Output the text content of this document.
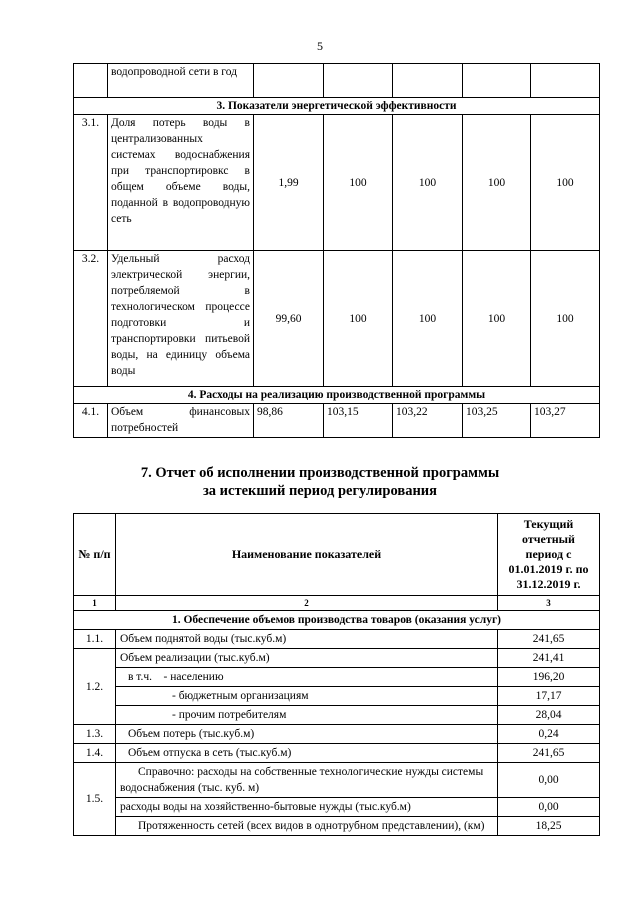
5
	водопроводной сети в год					
3. Показатели энергетической эффективности						
3.1.	Доля потерь воды в централизованных системах водоснабжения при транспортировкс в общем объеме воды, поданной в водопроводную сеть	1,99	100	100	100	100
3.2.	Удельный расход электрической энергии, потребляемой в технологическом процессе подготовки и транспортировки питьевой воды, на единицу объема воды	99,60	100	100	100	100
4. Расходы на реализацию производственной программы						
4.1.	Объем финансовых потребностей	98,86	103,15	103,22	103,25	103,27
7. Отчет об исполнении производственной программы
за истекший период регулирования
№ п/п	Наименование показателей	Текущий отчетный период с 01.01.2019 г. по 31.12.2019 г.
1	2	3
1. Обеспечение объемов производства товаров (оказания услуг)		
1.1.	Объем поднятой воды (тыс.куб.м)	241,65
1.2.	Объем реализации (тыс.куб.м)	241,41
	в т.ч.    - населению	196,20
	- бюджетным организациям	17,17
	- прочим потребителям	28,04
1.3.	Объем потерь (тыс.куб.м)	0,24
1.4.	Объем отпуска в сеть (тыс.куб.м)	241,65
1.5.	Справочно: расходы на собственные технологические нужды системы водоснабжения (тыс. куб. м)	0,00
	расходы воды на хозяйственно-бытовые нужды (тыс.куб.м)	0,00
	Протяженность сетей (всех видов в однотрубном представлении), (км)	18,25
